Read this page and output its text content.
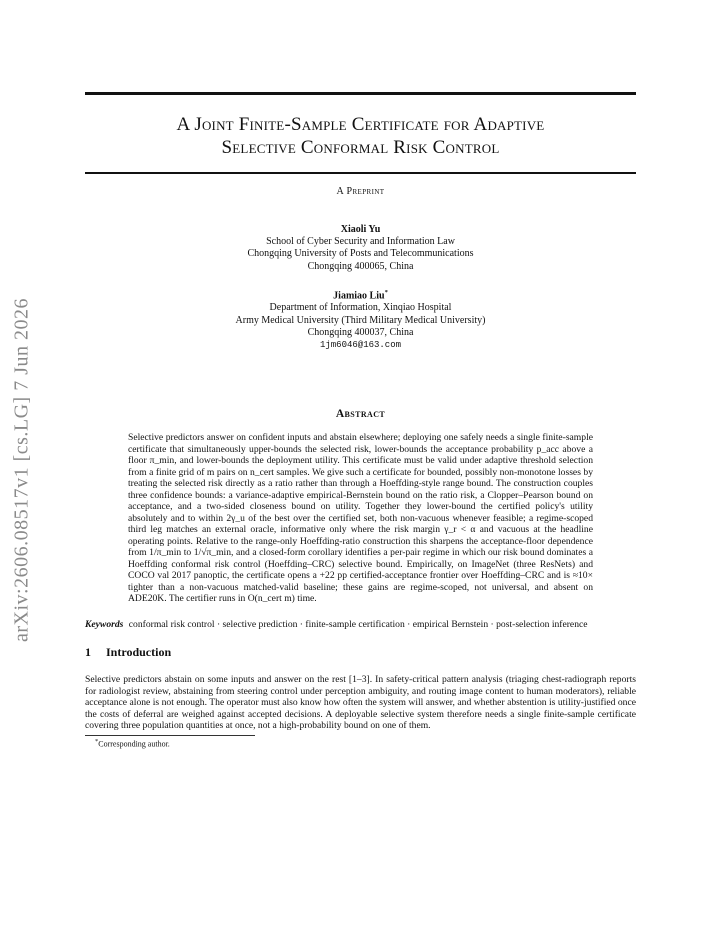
arXiv:2606.08517v1 [cs.LG] 7 Jun 2026
A Joint Finite-Sample Certificate for Adaptive
Selective Conformal Risk Control
A Preprint
Xiaoli Yu
School of Cyber Security and Information Law
Chongqing University of Posts and Telecommunications
Chongqing 400065, China
Jiamiao Liu*
Department of Information, Xinqiao Hospital
Army Medical University (Third Military Medical University)
Chongqing 400037, China
1jm6046@163.com
Abstract
Selective predictors answer on confident inputs and abstain elsewhere; deploying one safely needs a single finite-sample certificate that simultaneously upper-bounds the selected risk, lower-bounds the acceptance probability p_acc above a floor π_min, and lower-bounds the deployment utility. This certificate must be valid under adaptive threshold selection from a finite grid of m pairs on n_cert samples. We give such a certificate for bounded, possibly non-monotone losses by treating the selected risk directly as a ratio rather than through a Hoeffding-style range bound. The construction couples three confidence bounds: a variance-adaptive empirical-Bernstein bound on the ratio risk, a Clopper–Pearson bound on acceptance, and a two-sided closeness bound on utility. Together they lower-bound the certified policy's utility absolutely and to within 2γ_u of the best over the certified set, both non-vacuous whenever feasible; a regime-scoped third leg matches an external oracle, informative only where the risk margin γ_r < α and vacuous at the headline operating points. Relative to the range-only Hoeffding-ratio construction this sharpens the acceptance-floor dependence from 1/π_min to 1/√π_min, and a closed-form corollary identifies a per-pair regime in which our risk bound dominates a Hoeffding conformal risk control (Hoeffding–CRC) selective bound. Empirically, on ImageNet (three ResNets) and COCO val 2017 panoptic, the certificate opens a +22 pp certified-acceptance frontier over Hoeffding–CRC and is ≈10× tighter than a non-vacuous matched-valid baseline; these gains are regime-scoped, not universal, and absent on ADE20K. The certifier runs in O(n_cert m) time.
Keywords conformal risk control · selective prediction · finite-sample certification · empirical Bernstein · post-selection inference
1 Introduction
Selective predictors abstain on some inputs and answer on the rest [1–3]. In safety-critical pattern analysis (triaging chest-radiograph reports for radiologist review, abstaining from steering control under perception ambiguity, and routing image content to human moderators), reliable acceptance alone is not enough. The operator must also know how often the system will answer, and whether abstention is utility-justified once the costs of deferral are weighed against accepted decisions. A deployable selective system therefore needs a single finite-sample certificate covering three population quantities at once, not a high-probability bound on one of them.
*Corresponding author.
